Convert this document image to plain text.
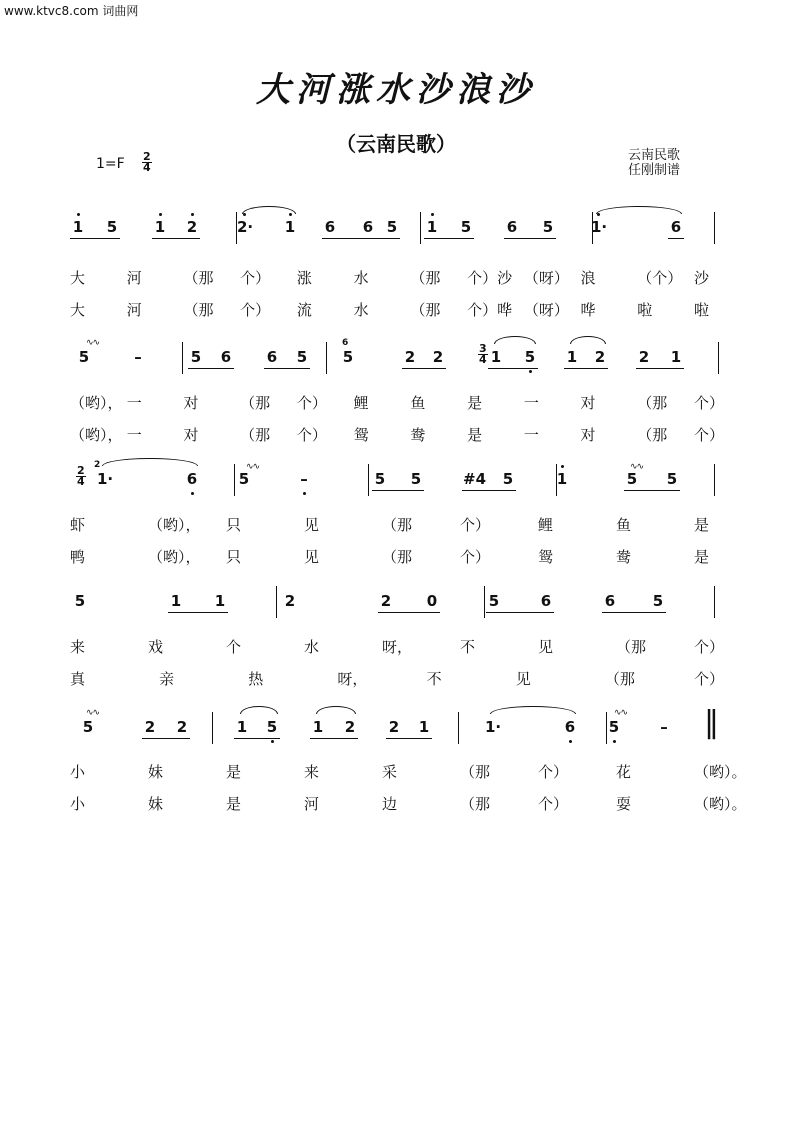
www.ktvc8.com 词曲网
大河涨水沙浪沙
（云南民歌）
1=F 2
4
云南民歌
任刚制谱
1 5	1 2	2· 1 6 6 5 1 5 6 5	1·	6
大	河	（那 个） 涨	水	（那 个）沙 （呀） 浪	（个） 沙
大	河	（那 个） 流	水	（那 个）哗 （呀） 哗	啦	啦
5	–	5 6 6 5 5	2 2	1 5 1 2 2 1
3
4
6
（哟）， 一	对	（那 个） 鲤	鱼	是	一	对	（那 个）
（哟）， 一	对	（那 个） 鸳	鸯	是	一	对	（那 个）
1·	6	5	–	5 5	#4 5	1	5 5
2
4
2
虾	（哟）， 只	见	（那	个）	鲤	鱼	是
鸭	（哟）， 只	见	（那	个）	鸳	鸯	是
5	1 1	2	2 0	5	6	6	5
来	戏	个	水	呀，	不	见	（那	个）
真	亲	热	呀，	不	见	（那	个）
5	2 2	1 5 1 2 2 1	1·	6 5	–
小	妹	是	来	采	（那	个）	花	（哟）。
小	妹	是	河	边	（那	个）	耍	（哟）。
∿∿
∿∿	∿∿
∿∿	∿∿	‖
